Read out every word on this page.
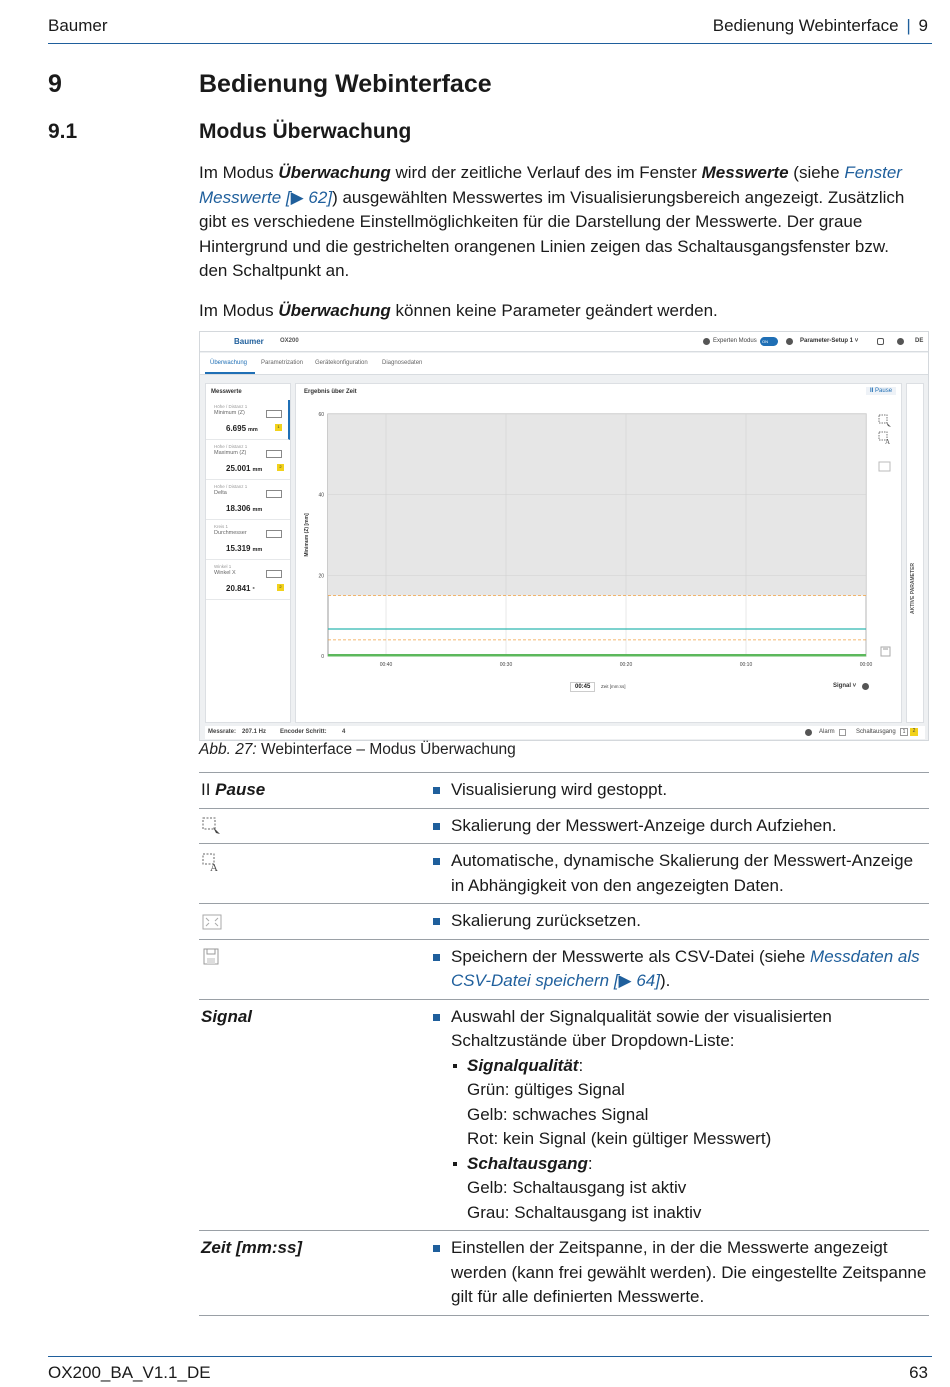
Baumer	Bedienung Webinterface | 9
9	Bedienung Webinterface
9.1	Modus Überwachung
Im Modus Überwachung wird der zeitliche Verlauf des im Fenster Messwerte (siehe Fenster Messwerte [▶ 62]) ausgewählten Messwertes im Visualisierungsbereich angezeigt. Zusätzlich gibt es verschiedene Einstellmöglichkeiten für die Darstellung der Messwerte. Der graue Hintergrund und die gestrichelten orangenen Linien zeigen das Schaltausgangsfenster bzw. den Schaltpunkt an.
Im Modus Überwachung können keine Parameter geändert werden.
Baumer	OX200	Experten Modus	ON	Parameter-Setup 1 ˅	DE
Überwachung Parametrization Gerätekonfiguration Diagnosedaten
Messwerte
Höhe / Distanz 1
Minimum (Z)
6.695 mm
1
Höhe / Distanz 1
Maximum (Z)
25.001 mm
2
Höhe / Distanz 1
Delta
18.306 mm
Kreis 1
Durchmesser
15.319 mm
Winkel 1
Winkel X
20.841 °
2
Ergebnis über Zeit	II Pause
60
40
20
0
00:40	00:30	00:20	00:10	00:00
Minimum (Z) [mm]
00:45	Zeit [mm:ss]	Signal ˅
A
AKTIVE PARAMETER
Messrate: 207.1 Hz Encoder Schritt:	4	Alarm	Schaltausgang	1	2
Abb. 27: Webinterface – Modus Überwachung
II Pause	Visualisierung wird gestoppt.
Skalierung der Messwert-Anzeige durch Aufziehen.
A	Automatische, dynamische Skalierung der Messwert-Anzeige in Abhängigkeit von den angezeigten Daten.
Skalierung zurücksetzen.
Speichern der Messwerte als CSV-Datei (siehe Messdaten als CSV-Datei speichern [▶ 64]).
Signal	Auswahl der Signalqualität sowie der visualisierten Schaltzustände über Dropdown-Liste:
Signalqualität:
Grün: gültiges Signal
Gelb: schwaches Signal
Rot: kein Signal (kein gültiger Messwert)
Schaltausgang:
Gelb: Schaltausgang ist aktiv
Grau: Schaltausgang ist inaktiv
Zeit [mm:ss]	Einstellen der Zeitspanne, in der die Messwerte angezeigt werden (kann frei gewählt werden). Die eingestellte Zeitspanne gilt für alle definierten Messwerte.
OX200_BA_V1.1_DE	63
